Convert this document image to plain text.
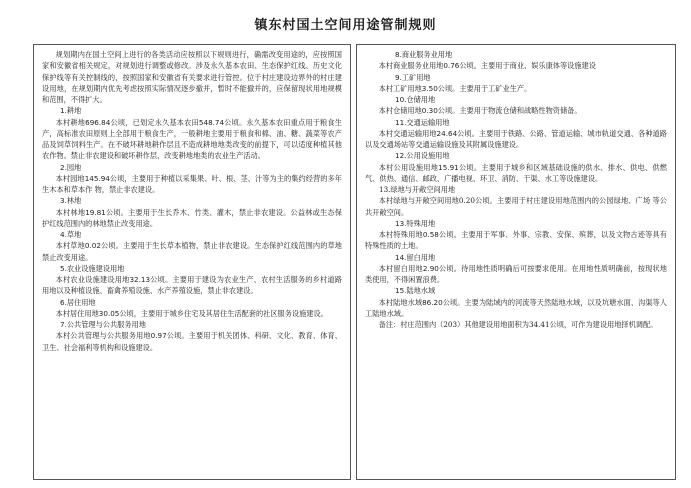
镇东村国土空间用途管制规则

规划期内在国土空间上进行的各类活动应按照以下规则进行，确需改变用途的，应按照国家和安徽省相关规定，对规划进行调整或修改。涉及永久基本农田、生态保护红线、历史文化保护线等有关控制线的，按照国家和安徽省有关要求进行管控。位于村庄建设边界外的村庄建设用地，在规划期内优先考虑按照实际情况逐步撤并，暂时不能撤并的，应保留现状用地规模和范围，不得扩大。

1.耕地

本村耕地696.84公顷，已划定永久基本农田548.74公顷。永久基本农田重点用于粮食生产，高标准农田原则上全部用于粮食生产，一般耕地主要用于粮食和棉、油、糖、蔬菜等农产品及饲草饲料生产。在不破坏耕地耕作层且不造成耕地地类改变的前提下，可以适度种植其他农作物。禁止非农建设和破坏耕作层、改变耕地地类的农业生产活动。

2.园地

本村园地145.94公顷，主要用于种植以采集果、叶、根、茎、汁等为主的集约经营的多年生木本和草本作 物，禁止非农建设。

3.林地

本村林地19.81公顷。主要用于生长乔木、竹类、灌木，禁止非农建设。公益林或生态保护红线范围内的林地禁止改变用途。

4.草地

本村草地0.02公顷。主要用于生长草本植物，禁止非农建设。生态保护红线范围内的草地禁止改变用途。

5.农业设施建设用地

本村农业设施建设用地32.13公顷。主要用于建设为农业生产、农村生活服务的乡村道路用地以及种植设施、畜禽养殖设施、水产养殖设施，禁止非农建设。

6.居住用地

本村居住用地30.05公顷，主要用于城乡住宅及其居住生活配套的社区服务设施建设。

7.公共管理与公共服务用地

本村公共管理与公共服务用地0.97公顷。主要用于机关团体、科研、文化、教育、体育、卫生、社会福利等机构和设施建设。

8.商业服务业用地

本村商业服务业用地0.76公顷。主要用于商业、娱乐康体等设施建设

9.工矿用地

本村工矿用地3.50公顷。主要用于工矿业生产。

10.仓储用地

本村仓储用地0.30公顷。主要用于物流仓储和战略性物资储备。

11.交通运输用地

本村交通运输用地24.64公顷。主要用于铁路、公路、管道运输、城市轨道交通、各种道路以及交通场站等交通运输设施及其附属设施建设。

12.公用设施用地

本村公用设施用地15.91公顷。主要用于城乡和区域基础设施的供水、排水、供电、供燃气、供热、通信、邮政、广播电视、环卫、消防、干渠、水工等设施建设。

13.绿地与开敞空间用地

本村绿地与开敞空间用地0.20公顷。主要用于村庄建设用地范围内的公园绿地、广场 等公共开敞空间。

13.特殊用地

本村特殊用地0.58公顷。主要用于军事、外事、宗教、安保、殡葬，以及文物古迹等具有特殊性质的土地。

14.留白用地

本村留白用地2.90公顷。待用地性质明确后可按要求使用。在用地性质明确前，按现状地类使用，不得闲置浪费。

15.陆地水域

本村陆地水域86.20公顷。主要为陆域内的河流等天然陆地水域，以及坑塘水面、沟渠等人工陆地水域。

备注：村庄范围内（203）其他建设用地面积为34.41公顷，可作为建设用地择机调配。
